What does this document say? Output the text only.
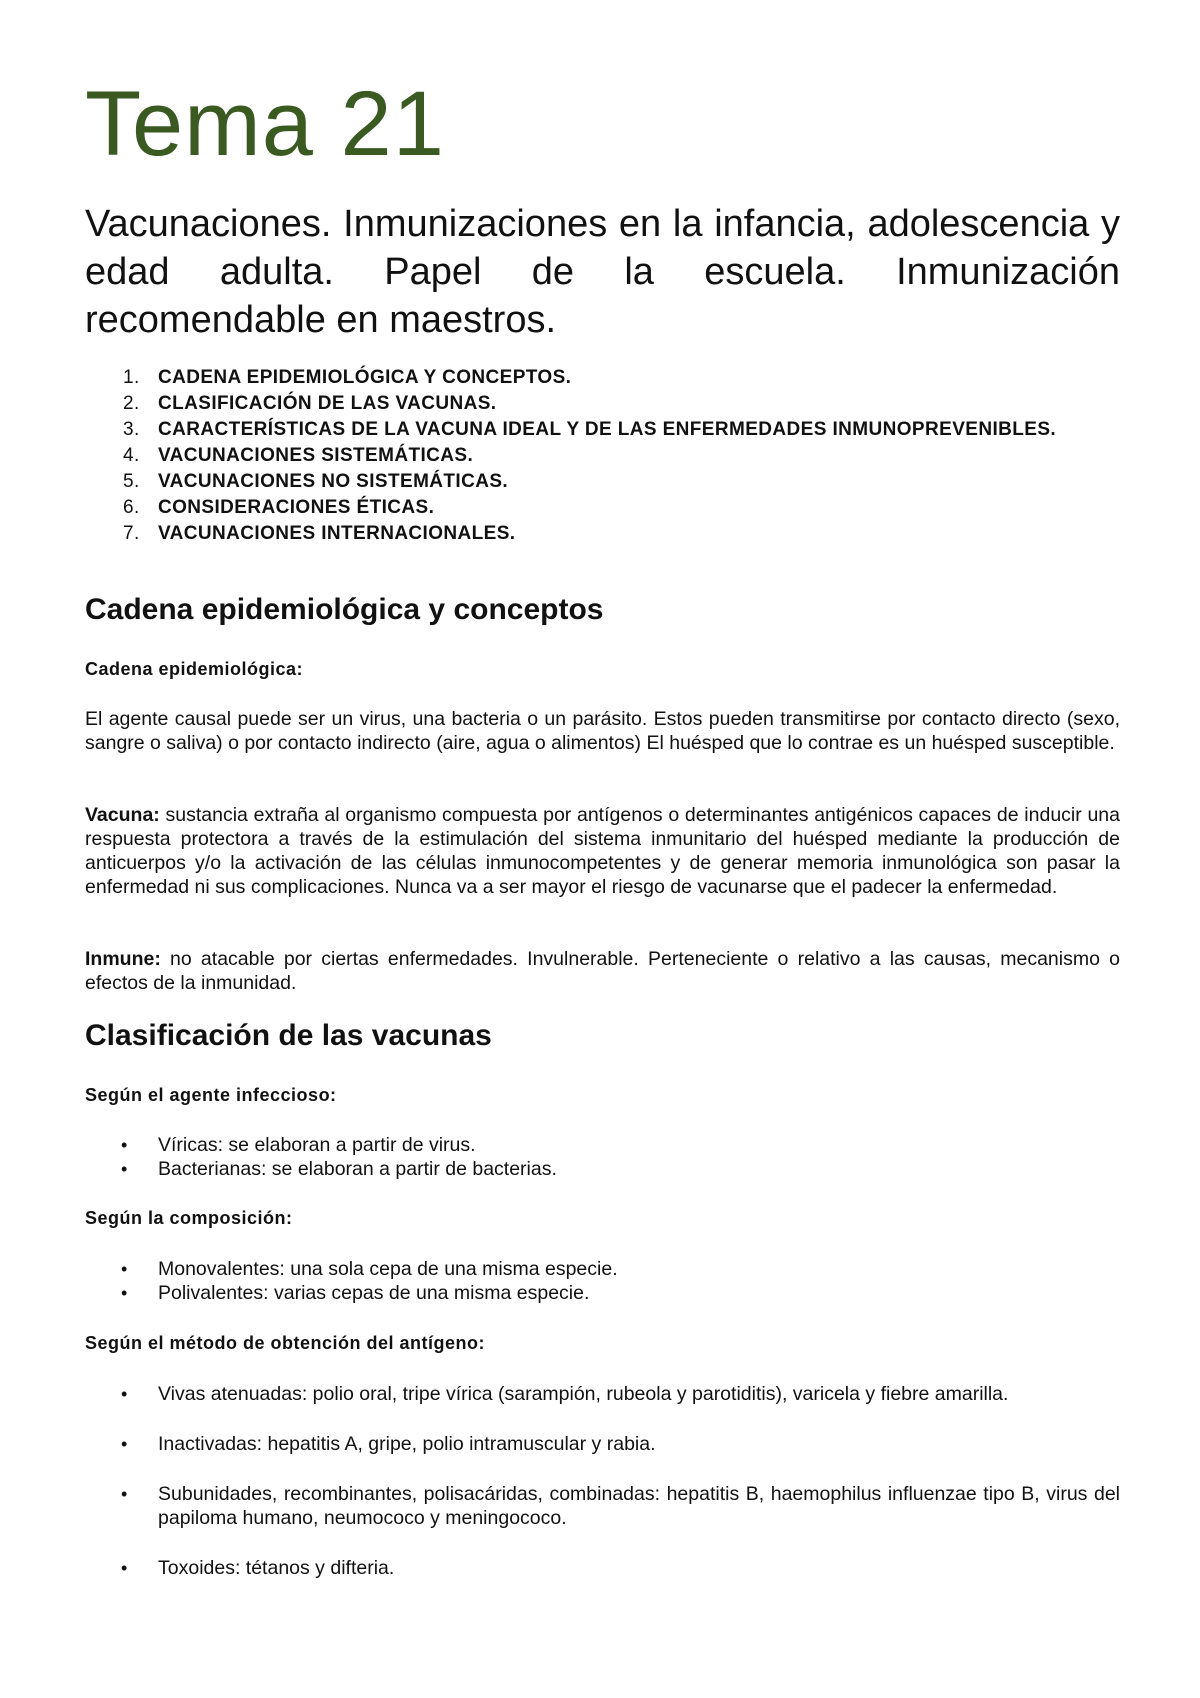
Tema 21

Vacunaciones. Inmunizaciones en la infancia, adolescencia y edad adulta. Papel de la escuela. Inmunización recomendable en maestros.

1. CADENA EPIDEMIOLÓGICA Y CONCEPTOS.
2. CLASIFICACIÓN DE LAS VACUNAS.
3. CARACTERÍSTICAS DE LA VACUNA IDEAL Y DE LAS ENFERMEDADES INMUNOPREVENIBLES.
4. VACUNACIONES SISTEMÁTICAS.
5. VACUNACIONES NO SISTEMÁTICAS.
6. CONSIDERACIONES ÉTICAS.
7. VACUNACIONES INTERNACIONALES.
Cadena epidemiológica y conceptos
Cadena epidemiológica:

El agente causal puede ser un virus, una bacteria o un parásito. Estos pueden transmitirse por contacto directo (sexo, sangre o saliva) o por contacto indirecto (aire, agua o alimentos) El huésped que lo contrae es un huésped susceptible.

Vacuna: sustancia extraña al organismo compuesta por antígenos o determinantes antigénicos capaces de inducir una respuesta protectora a través de la estimulación del sistema inmunitario del huésped mediante la producción de anticuerpos y/o la activación de las células inmunocompetentes y de generar memoria inmunológica son pasar la enfermedad ni sus complicaciones. Nunca va a ser mayor el riesgo de vacunarse que el padecer la enfermedad.

Inmune: no atacable por ciertas enfermedades. Invulnerable. Perteneciente o relativo a las causas, mecanismo o efectos de la inmunidad.

Clasificación de las vacunas
Según el agente infeccioso:
• Víricas: se elaboran a partir de virus.
• Bacterianas: se elaboran a partir de bacterias.
Según la composición:
• Monovalentes: una sola cepa de una misma especie.
• Polivalentes: varias cepas de una misma especie.
Según el método de obtención del antígeno:
• Vivas atenuadas: polio oral, tripe vírica (sarampión, rubeola y parotiditis), varicela y fiebre amarilla.
• Inactivadas: hepatitis A, gripe, polio intramuscular y rabia.
• Subunidades, recombinantes, polisacáridas, combinadas: hepatitis B, haemophilus influenzae tipo B, virus del papiloma humano, neumococo y meningococo.
• Toxoides: tétanos y difteria.
